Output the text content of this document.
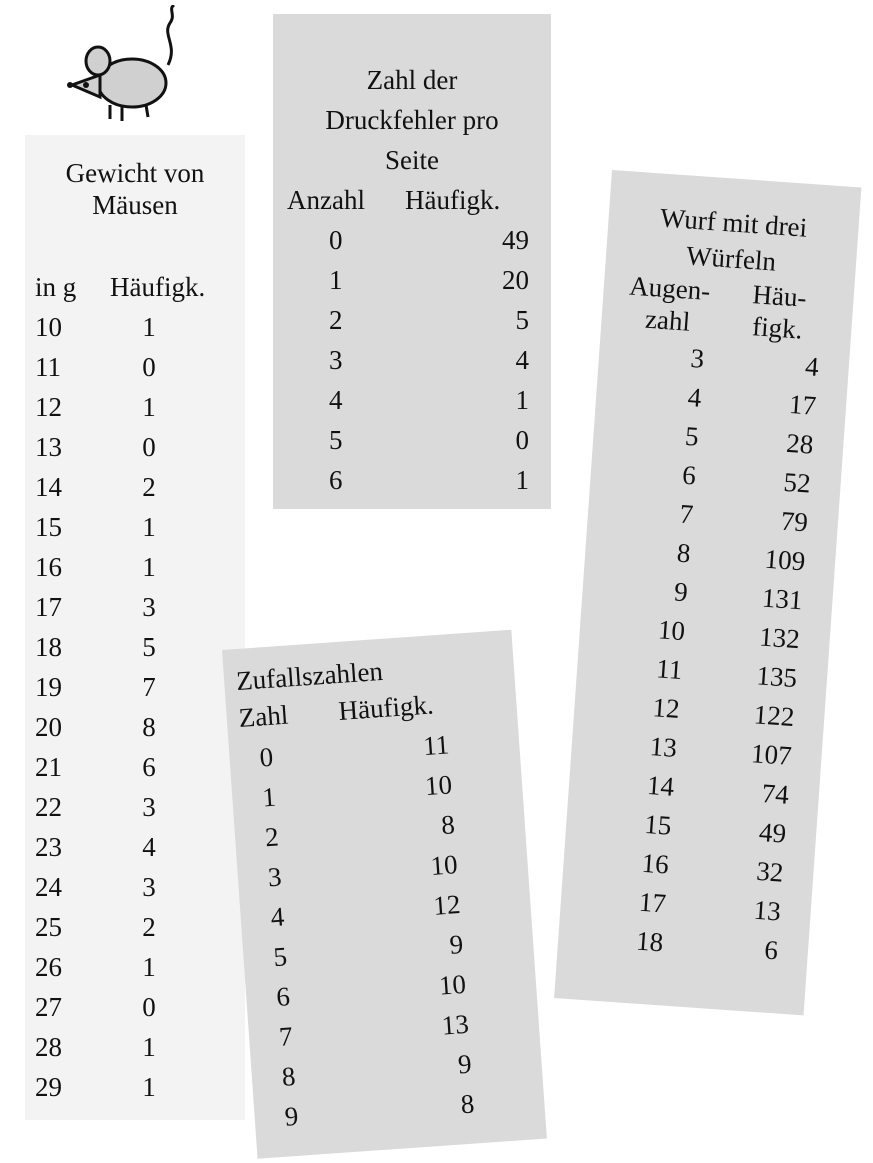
Gewicht von
Mäusen
in g	Häufigk.
10	1
11	0
12	1
13	0
14	2
15	1
16	1
17	3
18	5
19	7
20	8
21	6
22	3
23	4
24	3
25	2
26	1
27	0
28	1
29	1
Zahl der
Druckfehler pro
Seite
Anzahl	Häufigk.
0	49
1	20
2	5
3	4
4	1
5	0
6	1
Zufallszahlen
Zahl	Häufigk.
0	11
1	10
2	8
3	10
4	12
5	9
6	10
7	13
8	9
9	8
Wurf mit drei
Würfeln
Augen-
zahl
Häu-
figk.
3	4
4	17
5	28
6	52
7	79
8	109
9	131
10	132
11	135
12	122
13	107
14	74
15	49
16	32
17	13
18	6
